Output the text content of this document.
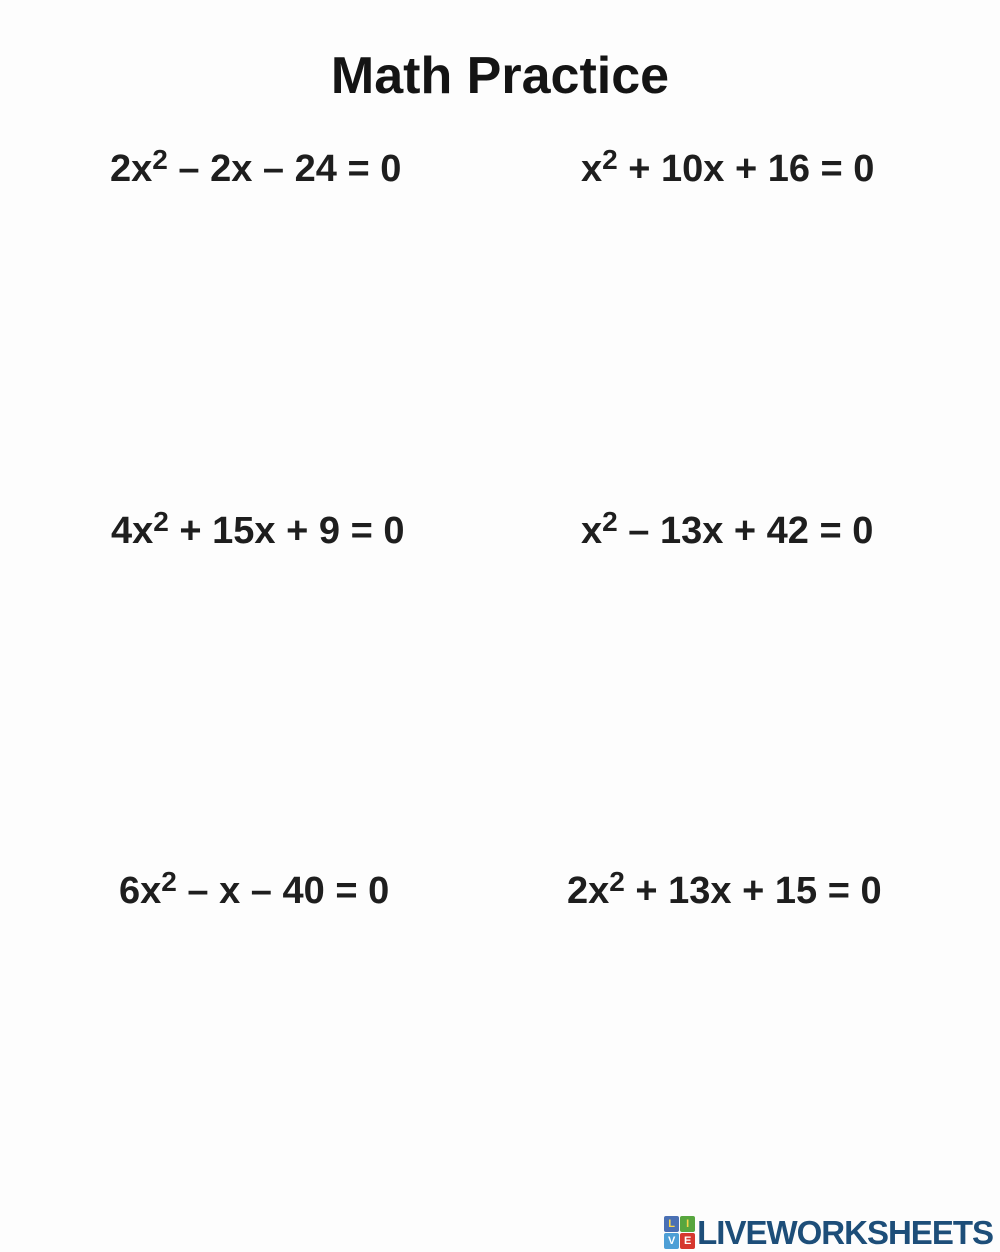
Math Practice
$2x^2 - 2x - 24 = 0$	$x^2 + 10x + 16 = 0$
$4x^2 + 15x + 9 = 0$	$x^2 - 13x + 42 = 0$
$6x^2 - x - 40 = 0$	$2x^2 + 13x + 15 = 0$
L	I
V E LIVEWORKSHEETS
